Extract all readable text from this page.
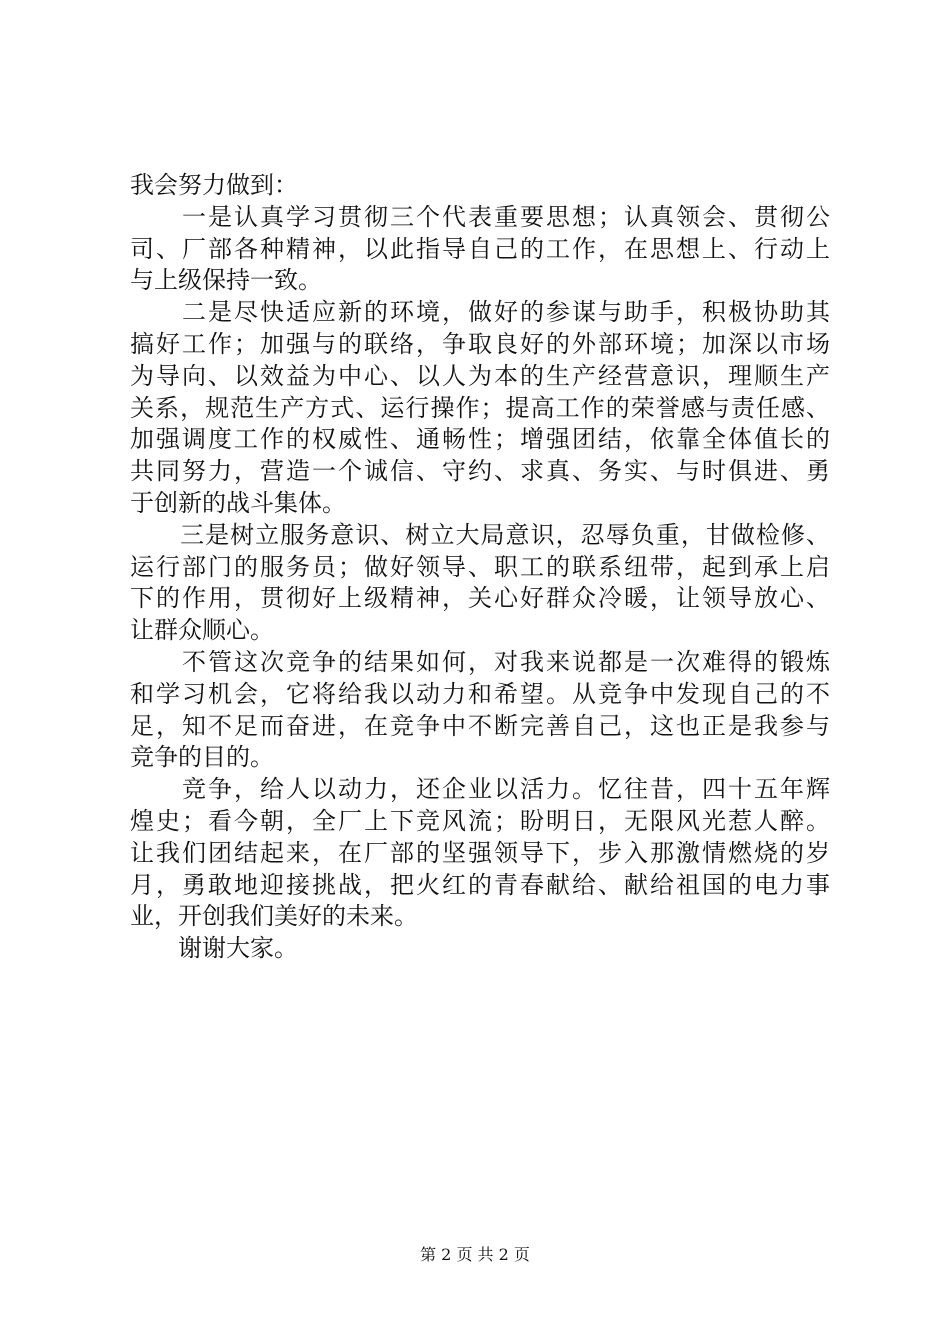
我会努力做到：
　　一是认真学习贯彻三个代表重要思想；认真领会、贯彻公
司、厂部各种精神，以此指导自己的工作，在思想上、行动上
与上级保持一致。
　　二是尽快适应新的环境，做好的参谋与助手，积极协助其
搞好工作；加强与的联络，争取良好的外部环境；加深以市场
为导向、以效益为中心、以人为本的生产经营意识，理顺生产
关系，规范生产方式、运行操作；提高工作的荣誉感与责任感、
加强调度工作的权威性、通畅性；增强团结，依靠全体值长的
共同努力，营造一个诚信、守约、求真、务实、与时俱进、勇
于创新的战斗集体。
　　三是树立服务意识、树立大局意识，忍辱负重，甘做检修、
运行部门的服务员；做好领导、职工的联系纽带，起到承上启
下的作用，贯彻好上级精神，关心好群众冷暖，让领导放心、
让群众顺心。
　　不管这次竞争的结果如何，对我来说都是一次难得的锻炼
和学习机会，它将给我以动力和希望。从竞争中发现自己的不
足，知不足而奋进，在竞争中不断完善自己，这也正是我参与
竞争的目的。
　　竞争，给人以动力，还企业以活力。忆往昔，四十五年辉
煌史；看今朝，全厂上下竞风流；盼明日，无限风光惹人醉。
让我们团结起来，在厂部的坚强领导下，步入那激情燃烧的岁
月，勇敢地迎接挑战，把火红的青春献给、献给祖国的电力事
业，开创我们美好的未来。
　　谢谢大家。
第 2 页 共 2 页
